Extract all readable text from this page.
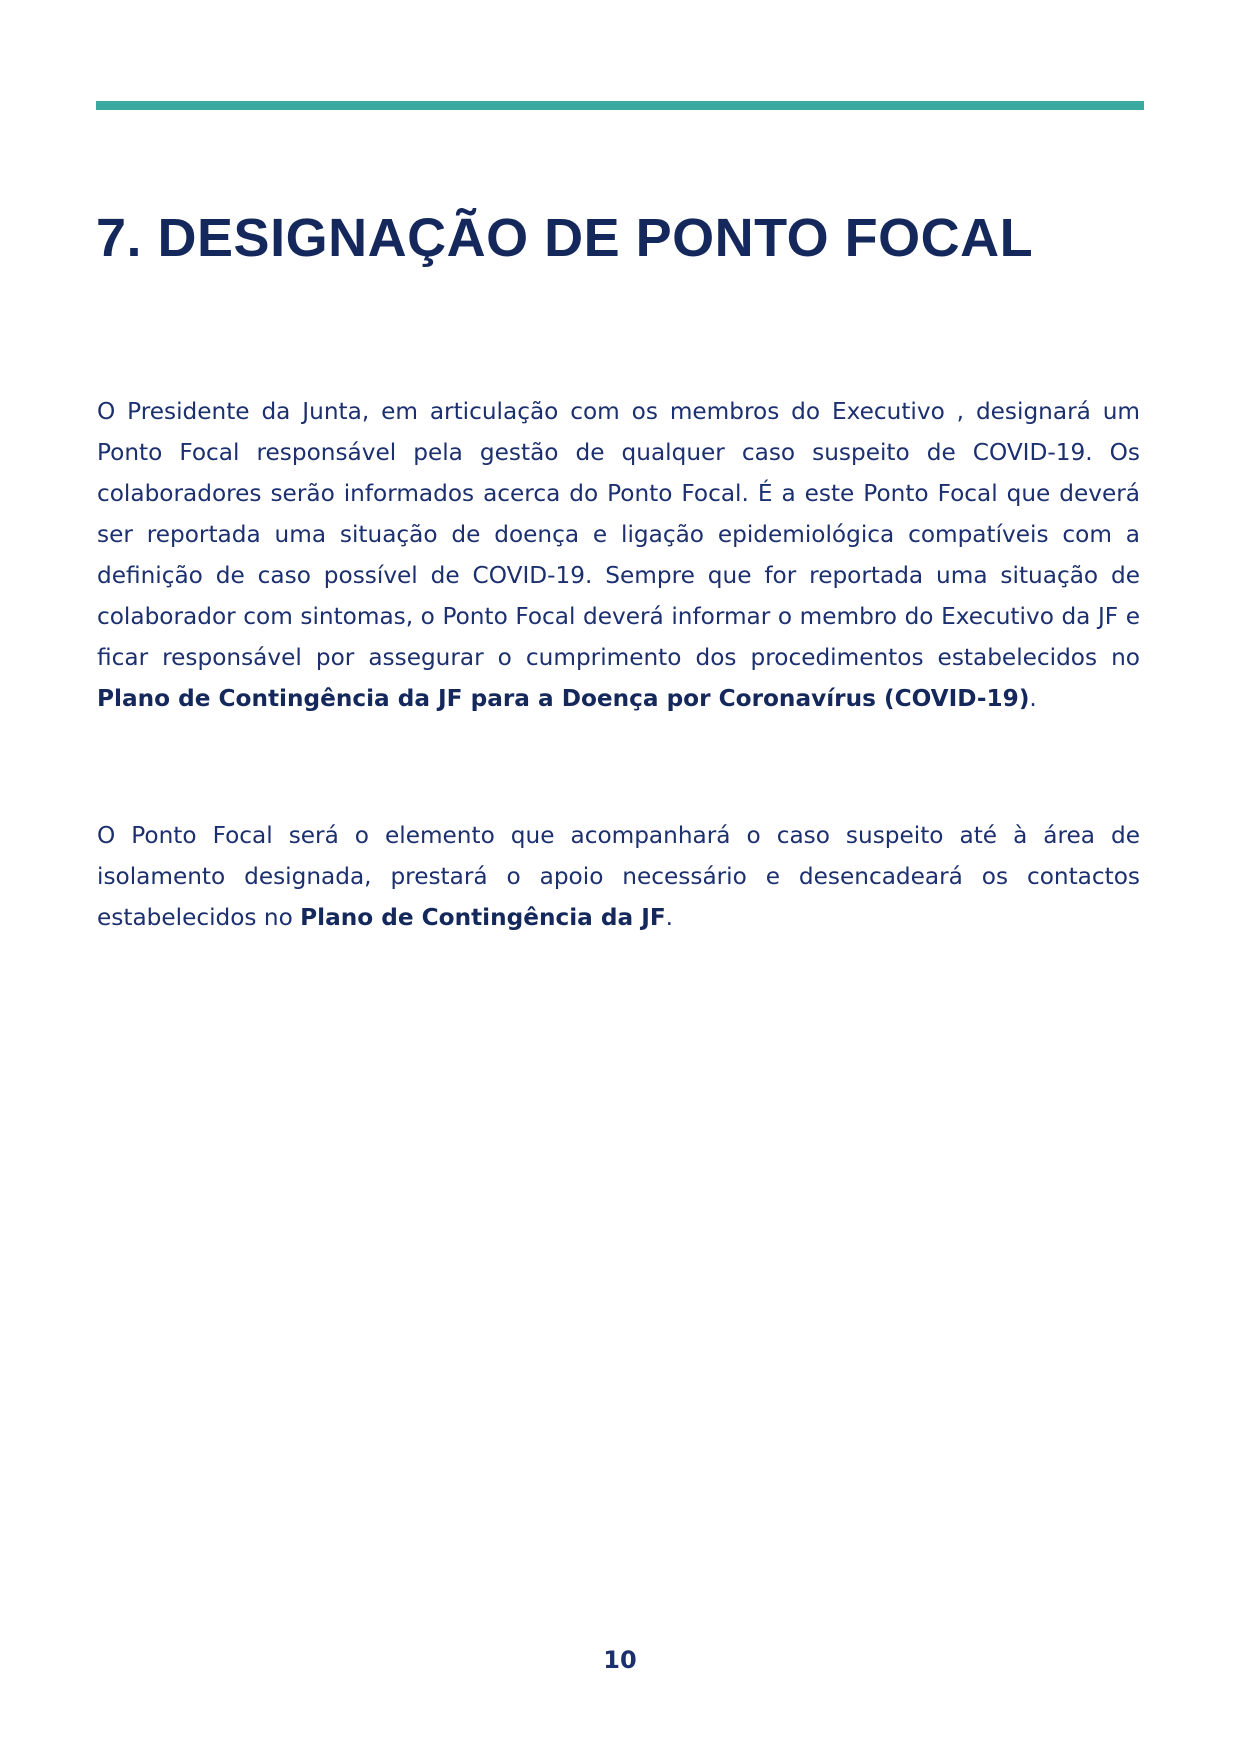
7. DESIGNAÇÃO DE PONTO FOCAL

O Presidente da Junta, em articulação com os membros do Executivo , designará um Ponto Focal responsável pela gestão de qualquer caso suspeito de COVID-19. Os colaboradores serão informados acerca do Ponto Focal. É a este Ponto Focal que deverá ser reportada uma situação de doença e ligação epidemiológica compatíveis com a definição de caso possível de COVID-19. Sempre que for reportada uma situação de colaborador com sintomas, o Ponto Focal deverá informar o membro do Executivo da JF e ficar responsável por assegurar o cumprimento dos procedimentos estabelecidos no Plano de Contingência da JF para a Doença por Coronavírus (COVID-19).

O Ponto Focal será o elemento que acompanhará o caso suspeito até à área de isolamento designada, prestará o apoio necessário e desencadeará os contactos estabelecidos no Plano de Contingência da JF.

10
